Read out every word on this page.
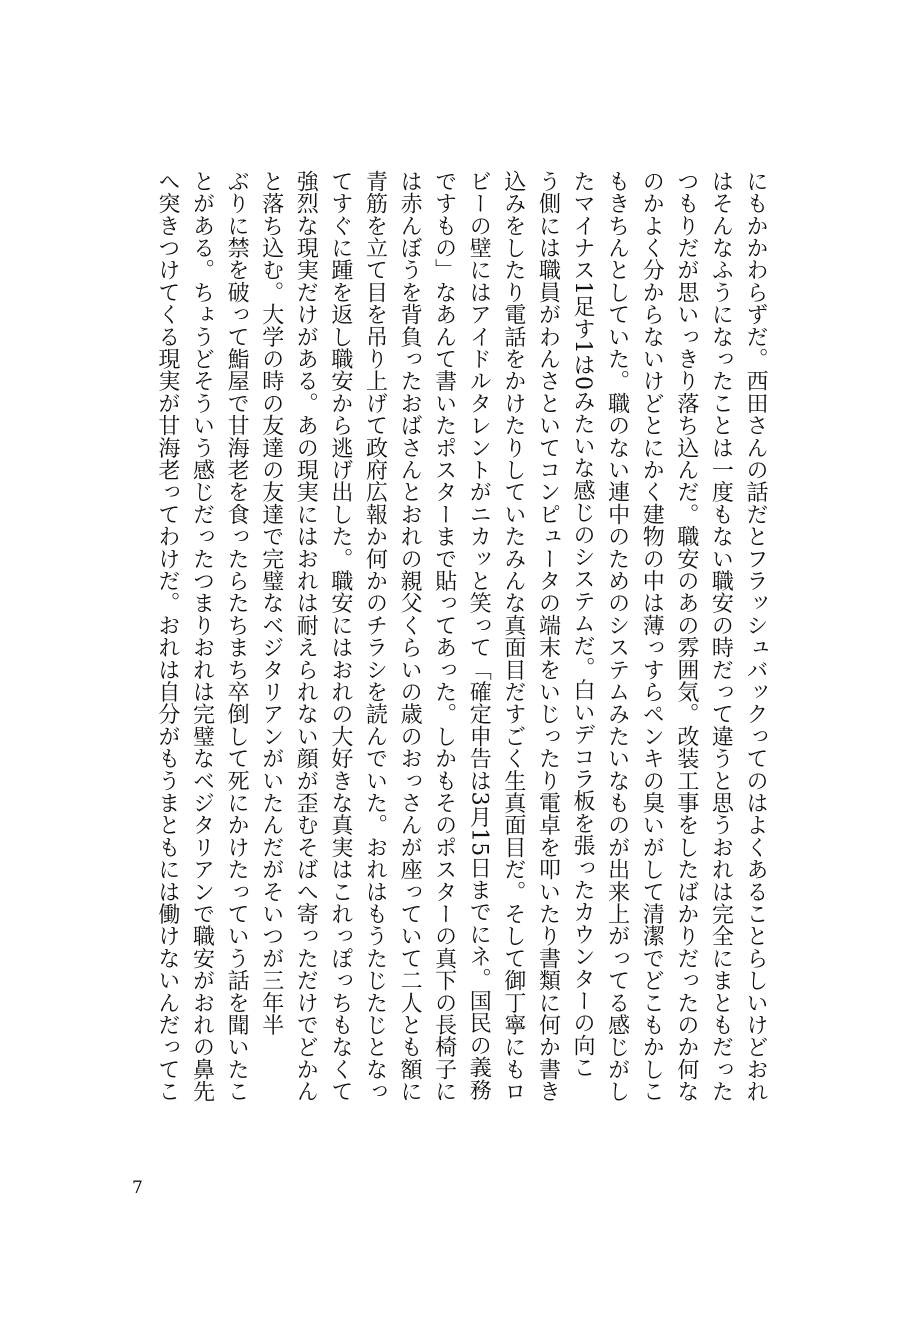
にもかかわらずだ。西田さんの話だとフラッシュバックってのはよくあることらしいけどおれ
はそんなふうになったことは一度もない職安の時だって違うと思うおれは完全にまともだった
つもりだが思いっきり落ち込んだ。職安のあの雰囲気。改装工事をしたばかりだったのか何な
のかよく分からないけどとにかく建物の中は薄っすらペンキの臭いがして清潔でどこもかしこ
もきちんとしていた。職のない連中のためのシステムみたいなものが出来上がってる感じがし
たマイナス1足す1は0みたいな感じのシステムだ。白いデコラ板を張ったカウンターの向こ
う側には職員がわんさといてコンピュータの端末をいじったり電卓を叩いたり書類に何か書き
込みをしたり電話をかけたりしていたみんな真面目だすごく生真面目だ。そして御丁寧にもロ
ビーの壁にはアイドルタレントがニカッと笑って「確定申告は3月15日までにネ。国民の義務
ですもの」なあんて書いたポスターまで貼ってあった。しかもそのポスターの真下の長椅子に
は赤んぼうを背負ったおばさんとおれの親父くらいの歳のおっさんが座っていて二人とも額に
青筋を立て目を吊り上げて政府広報か何かのチラシを読んでいた。おれはもうたじたじとなっ
てすぐに踵を返し職安から逃げ出した。職安にはおれの大好きな真実はこれっぽっちもなくて
強烈な現実だけがある。あの現実にはおれは耐えられない顔が歪むそばへ寄っただけでどかん
と落ち込む。大学の時の友達の友達で完璧なベジタリアンがいたんだがそいつが三年半
ぶりに禁を破って鮨屋で甘海老を食ったらたちまち卒倒して死にかけたっていう話を聞いたこ
とがある。ちょうどそういう感じだったつまりおれは完璧なベジタリアンで職安がおれの鼻先
へ突きつけてくる現実が甘海老ってわけだ。おれは自分がもうまともには働けないんだってこ
7
